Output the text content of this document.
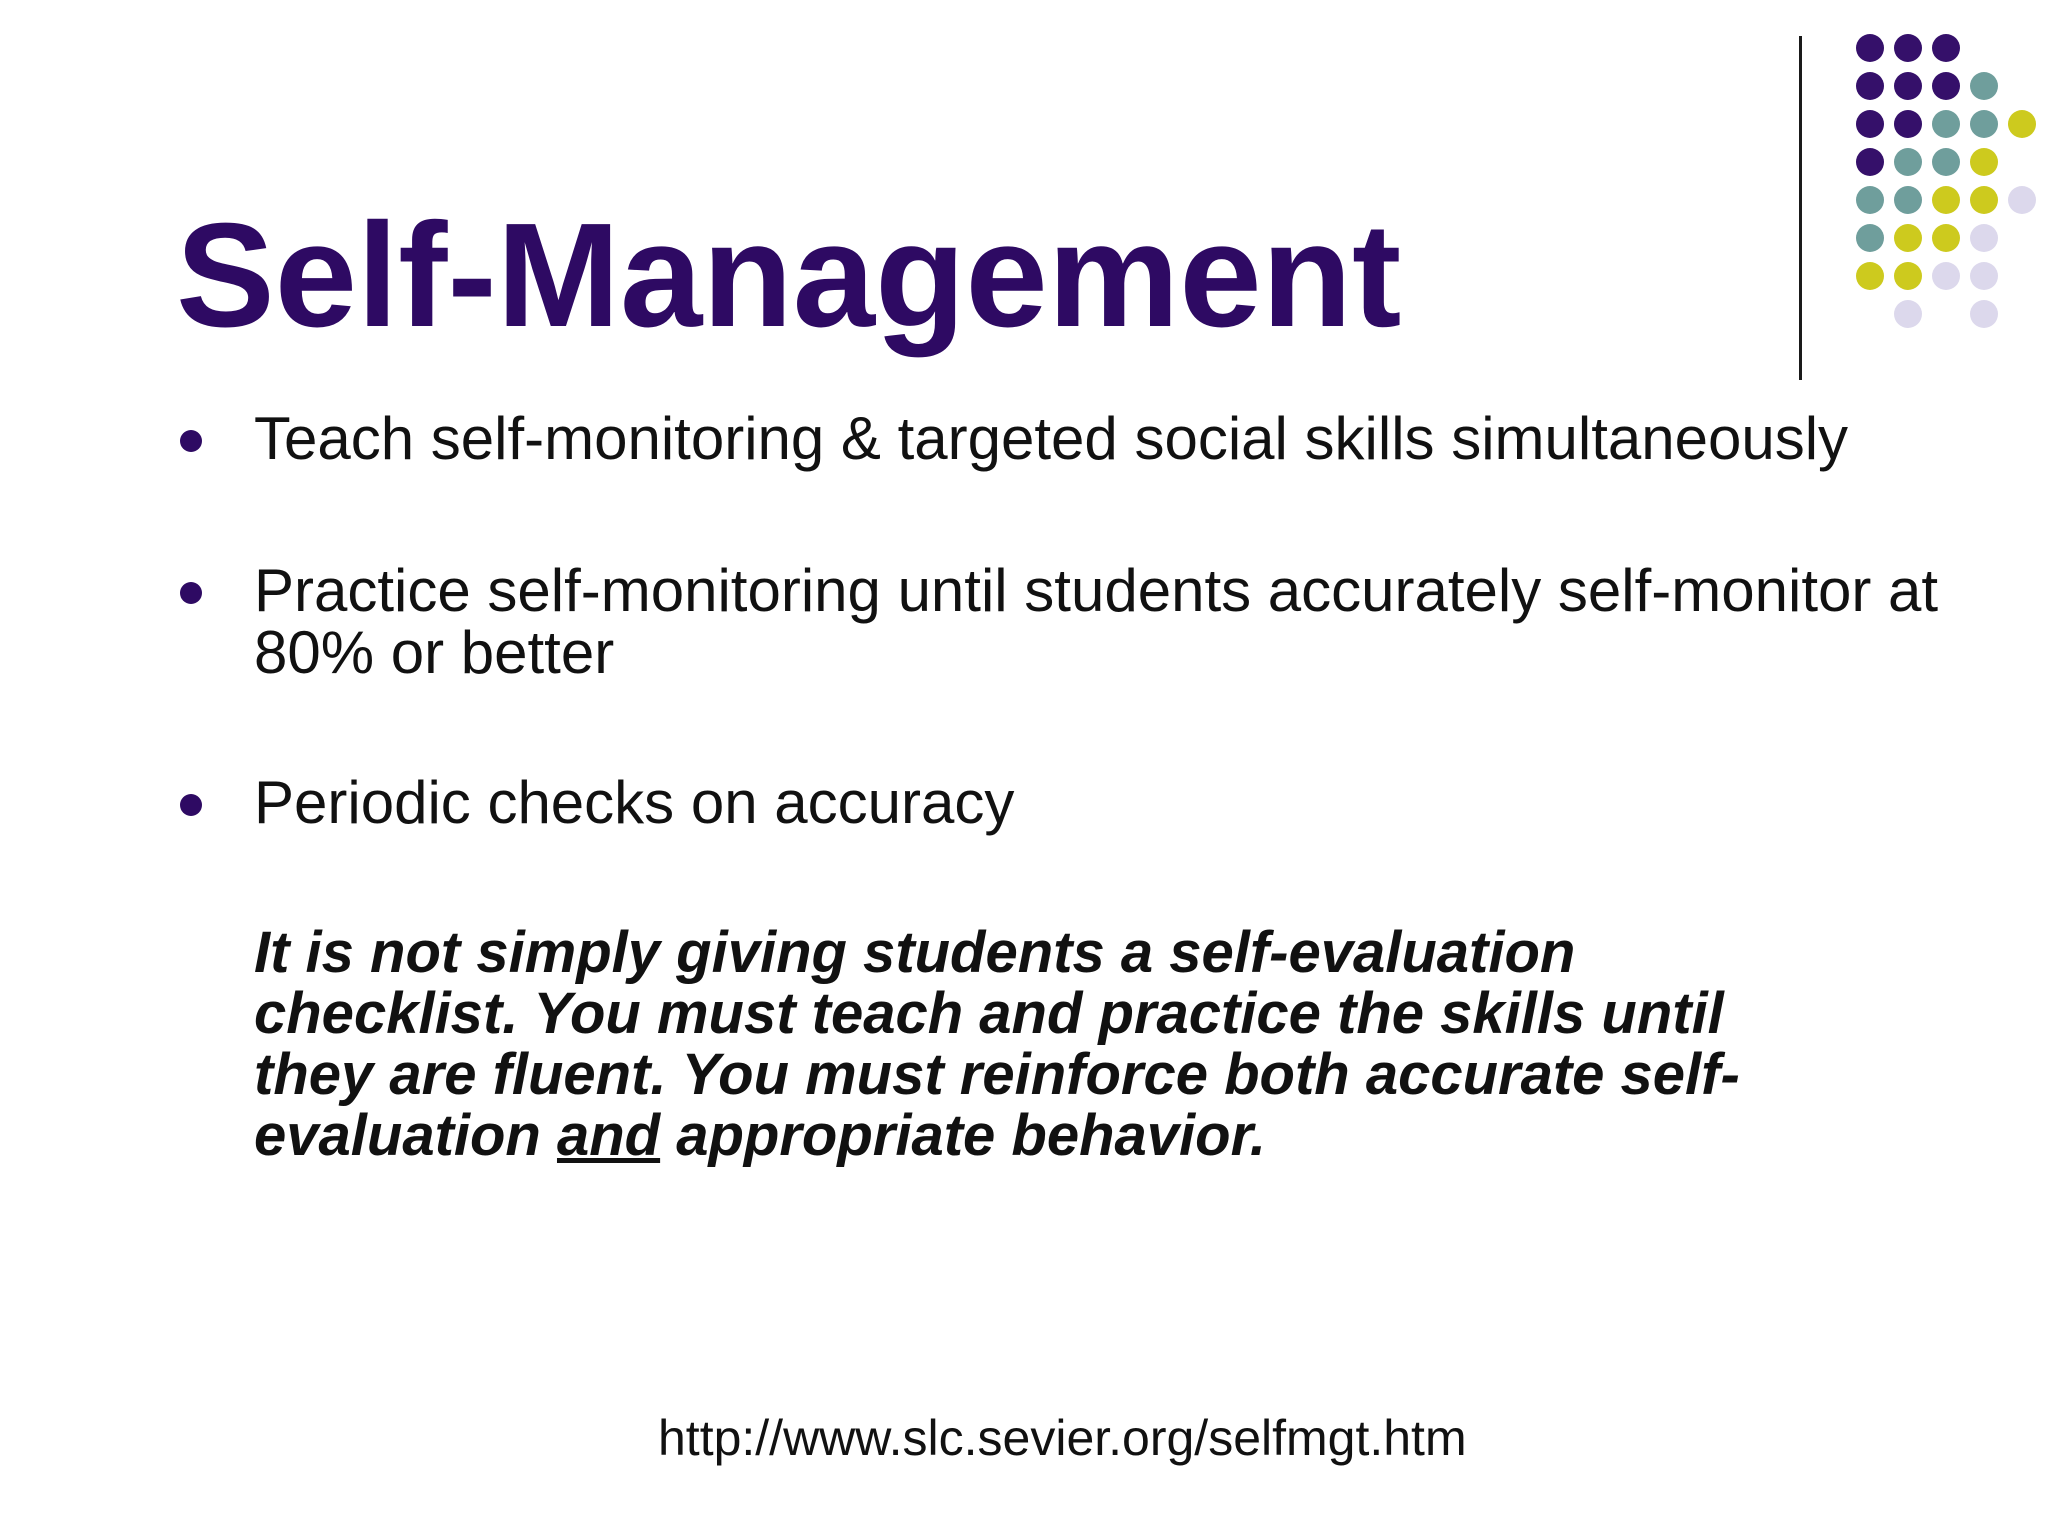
Self-Management
Teach self-monitoring & targeted social skills simultaneously
Practice self-monitoring until students accurately self-monitor at 80% or better
Periodic checks on accuracy
It is not simply giving students a self-evaluation checklist. You must teach and practice the skills until they are fluent. You must reinforce both accurate self-evaluation and appropriate behavior.
http://www.slc.sevier.org/selfmgt.htm
